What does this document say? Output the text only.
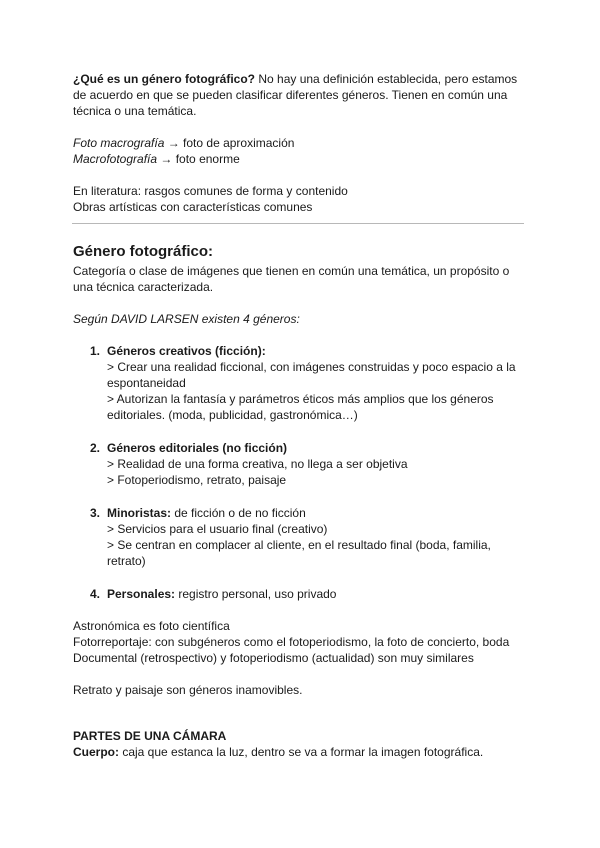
¿Qué es un género fotográfico? No hay una definición establecida, pero estamos de acuerdo en que se pueden clasificar diferentes géneros. Tienen en común una técnica o una temática.

Foto macrografía → foto de aproximación

Macrofotografía → foto enorme

En literatura: rasgos comunes de forma y contenido

Obras artísticas con características comunes

Género fotográfico:

Categoría o clase de imágenes que tienen en común una temática, un propósito o una técnica caracterizada.

Según DAVID LARSEN existen 4 géneros:

1. Géneros creativos (ficción):

> Crear una realidad ficcional, con imágenes construidas y poco espacio a la espontaneidad

> Autorizan la fantasía y parámetros éticos más amplios que los géneros editoriales. (moda, publicidad, gastronómica…)

2. Géneros editoriales (no ficción)

> Realidad de una forma creativa, no llega a ser objetiva

> Fotoperiodismo, retrato, paisaje

3. Minoristas: de ficción o de no ficción

> Servicios para el usuario final (creativo)

> Se centran en complacer al cliente, en el resultado final (boda, familia, retrato)

4. Personales: registro personal, uso privado

Astronómica es foto científica

Fotorreportaje: con subgéneros como el fotoperiodismo, la foto de concierto, boda

Documental (retrospectivo) y fotoperiodismo (actualidad) son muy similares

Retrato y paisaje son géneros inamovibles.

PARTES DE UNA CÁMARA

Cuerpo: caja que estanca la luz, dentro se va a formar la imagen fotográfica.
